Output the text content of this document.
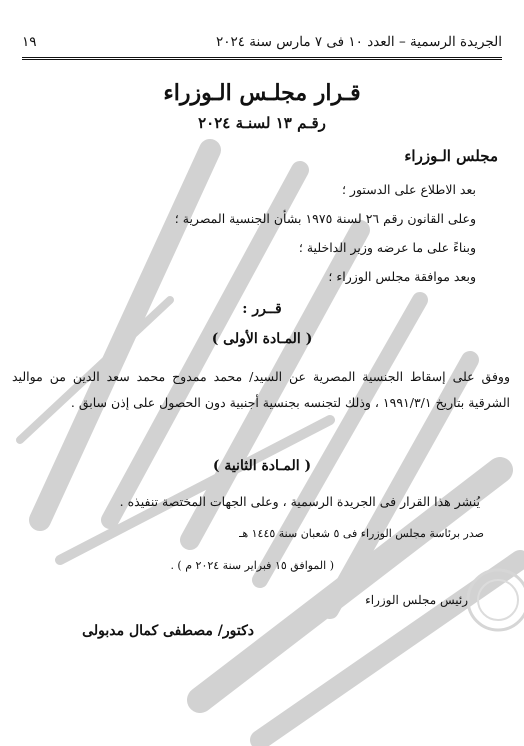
الجريدة الرسمية – العدد ١٠ فى ٧ مارس سنة ٢٠٢٤
١٩
قـرار مجلـس الـوزراء
رقـم ١٣ لسنـة ٢٠٢٤
مجلس الـوزراء
بعد الاطلاع على الدستور ؛
وعلى القانون رقم ٢٦ لسنة ١٩٧٥ بشأن الجنسية المصرية ؛
وبناءً على ما عرضه وزير الداخلية ؛
وبعد موافقة مجلس الوزراء ؛
قــرر :
( المـادة الأولى )

ووفق على إسقاط الجنسية المصرية عن السيد/ محمد ممدوح محمد سعد الدين من مواليد الشرقية بتاريخ ١٩٩١/٣/١ ، وذلك لتجنسه بجنسية أجنبية دون الحصول على إذن سابق .

( المـادة الثانية )

يُنشر هذا القرار فى الجريدة الرسمية ، وعلى الجهات المختصة تنفيذه .

صدر برئاسة مجلس الوزراء فى ٥ شعبان سنة ١٤٤٥ هـ

( الموافق ١٥ فبراير سنة ٢٠٢٤ م ) .

رئيس مجلس الوزراء

دكتور/ مصطفى كمال مدبولى
